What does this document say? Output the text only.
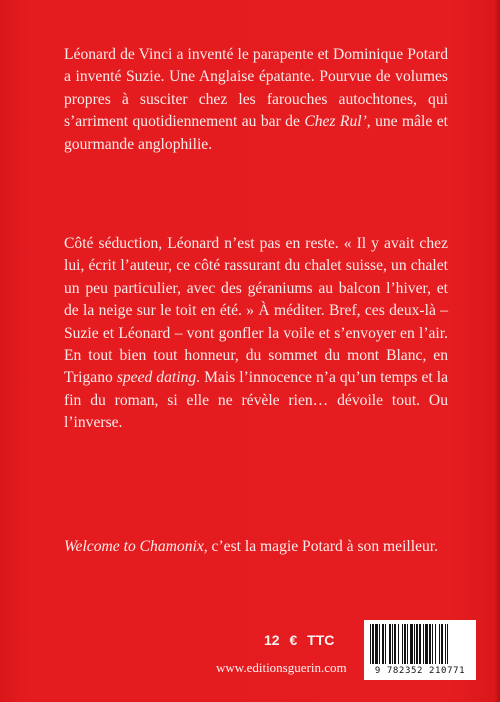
Léonard de Vinci a inventé le parapente et Dominique Potard a inventé Suzie. Une Anglaise épatante. Pourvue de volumes propres à susciter chez les farouches autochtones, qui s’arriment quotidiennement au bar de Chez Rul’, une mâle et gourmande anglophilie.

Côté séduction, Léonard n’est pas en reste. « Il y avait chez lui, écrit l’auteur, ce côté rassurant du chalet suisse, un chalet un peu particulier, avec des géraniums au balcon l’hiver, et de la neige sur le toit en été. » À méditer. Bref, ces deux-là – Suzie et Léonard – vont gonfler la voile et s’envoyer en l’air. En tout bien tout honneur, du sommet du mont Blanc, en Trigano speed dating. Mais l’innocence n’a qu’un temps et la fin du roman, si elle ne révèle rien… dévoile tout. Ou l’inverse.

Welcome to Chamonix, c’est la magie Potard à son meilleur.

12 € TTC
www.editionsguerin.com	9 782352 210771
